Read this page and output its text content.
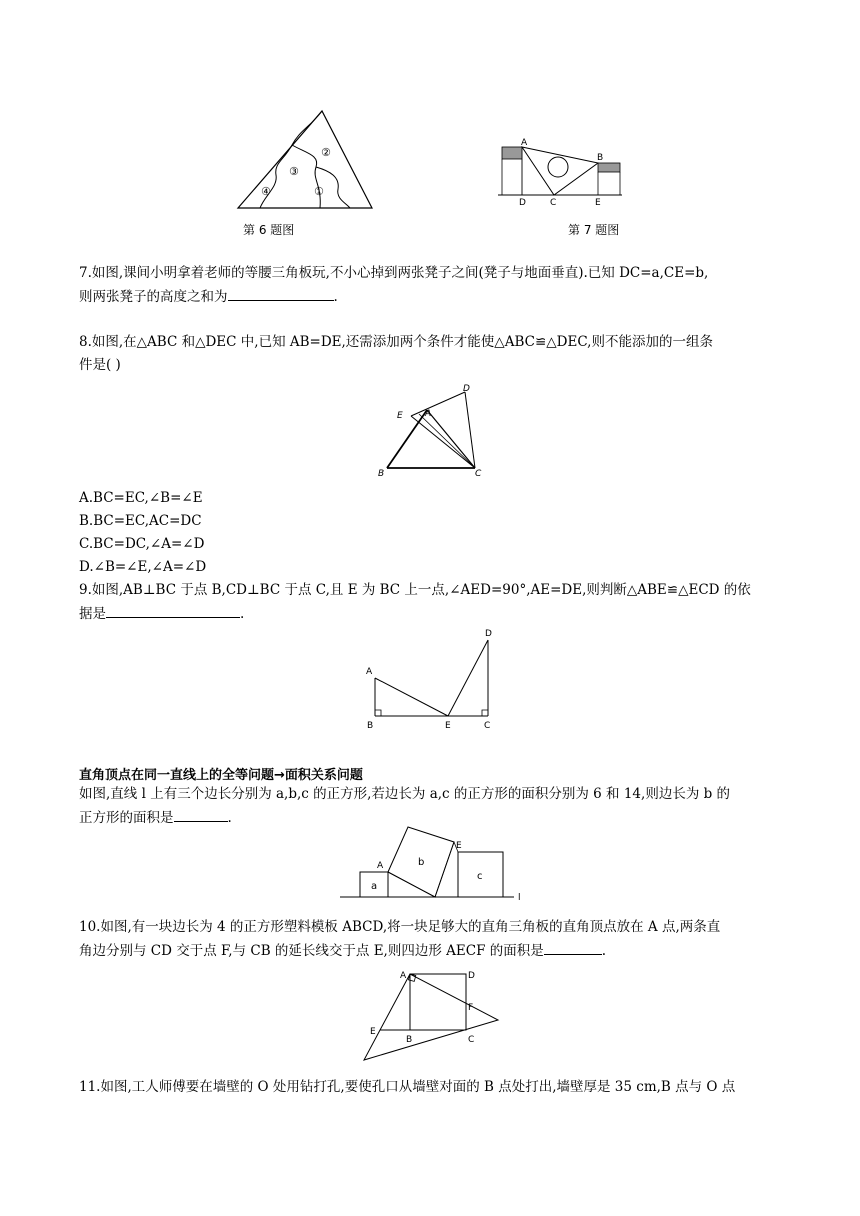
④
③
②
①
第 6 题图
A
B
C
D	E
第 7 题图

7.如图,课间小明拿着老师的等腰三角板玩,不小心掉到两张凳子之间(凳子与地面垂直).已知 DC=a,CE=b,

则两张凳子的高度之和为	.

8.如图,在△ABC 和△DEC 中,已知 AB=DE,还需添加两个条件才能使△ABC≌△DEC,则不能添加的一组条

件是( )

E A
D
B	C
A.BC=EC,∠B=∠E
B.BC=EC,AC=DC
C.BC=DC,∠A=∠D
D.∠B=∠E,∠A=∠D

9.如图,AB⊥BC 于点 B,CD⊥BC 于点 C,且 E 为 BC 上一点,∠AED=90°,AE=DE,则判断△ABE≌△ECD 的依

据是	.

A
B	E	C
D
直角顶点在同一直线上的全等问题→面积关系问题

如图,直线 l 上有三个边长分别为 a,b,c 的正方形,若边长为 a,c 的正方形的面积分别为 6 和 14,则边长为 b 的

正方形的面积是	.

a
b
c
A
E
l

10.如图,有一块边长为 4 的正方形塑料模板 ABCD,将一块足够大的直角三角板的直角顶点放在 A 点,两条直

角边分别与 CD 交于点 F,与 CB 的延长线交于点 E,则四边形 AECF 的面积是	.

A	D
F
C
B
E

11.如图,工人师傅要在墙壁的 O 处用钻打孔,要使孔口从墙壁对面的 B 点处打出,墙壁厚是 35 cm,B 点与 O 点
